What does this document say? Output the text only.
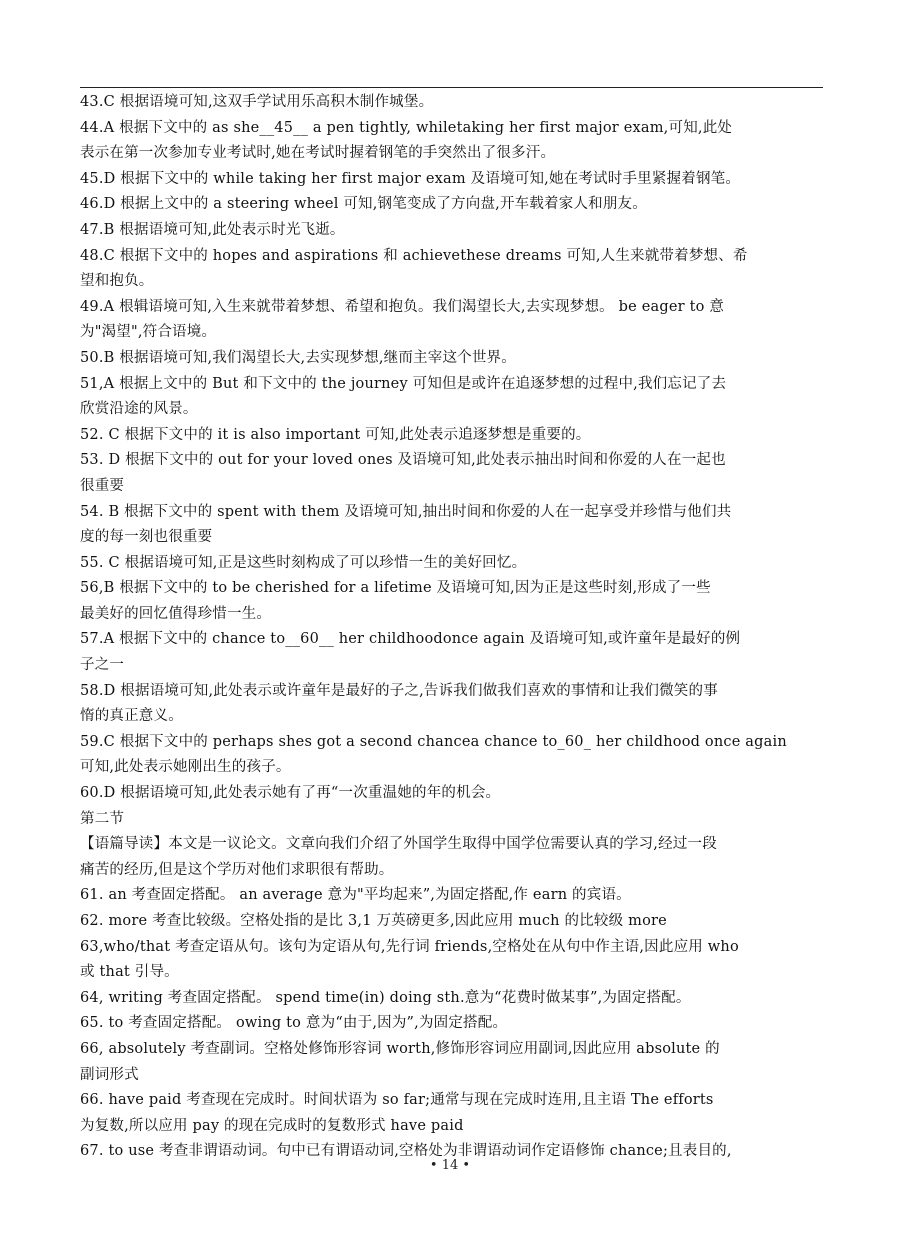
43.C 根据语境可知,这双手学试用乐高积木制作城堡。
44.A 根据下文中的 as she__45__ a pen tightly, whiletaking her first major exam,可知,此处
表示在第一次参加专业考试时,她在考试时握着钢笔的手突然出了很多汗。
45.D 根据下文中的 while taking her first major exam 及语境可知,她在考试时手里紧握着钢笔。
46.D 根据上文中的 a steering wheel 可知,钢笔变成了方向盘,开车载着家人和朋友。
47.B 根据语境可知,此处表示时光飞逝。
48.C 根据下文中的 hopes and aspirations 和 achievethese dreams 可知,人生来就带着梦想、希
望和抱负。
49.A 根辑语境可知,入生来就带着梦想、希望和抱负。我们渴望长大,去实现梦想。 be eager to 意
为"渴望",符合语境。
50.B 根据语境可知,我们渴望长大,去实现梦想,继而主宰这个世界。
51,A 根据上文中的 But 和下文中的 the journey 可知但是或许在追逐梦想的过程中,我们忘记了去
欣赏沿途的风景。
52. C 根据下文中的 it is also important 可知,此处表示追逐梦想是重要的。
53. D 根据下文中的 out for your loved ones 及语境可知,此处表示抽出时间和你爱的人在一起也
很重要
54. B 根据下文中的 spent with them 及语境可知,抽出时间和你爱的人在一起享受并珍惜与他们共
度的每一刻也很重要
55. C 根据语境可知,正是这些时刻构成了可以珍惜一生的美好回忆。
56,B 根据下文中的 to be cherished for a lifetime 及语境可知,因为正是这些时刻,形成了一些
最美好的回忆值得珍惜一生。
57.A 根据下文中的 chance to__60__ her childhoodonce again 及语境可知,或许童年是最好的例
子之一
58.D 根据语境可知,此处表示或许童年是最好的子之,告诉我们做我们喜欢的事情和让我们微笑的事
惰的真正意义。
59.C 根据下文中的 perhaps shes got a second chancea chance to_60_ her childhood once again
可知,此处表示她刚出生的孩子。
60.D 根据语境可知,此处表示她有了再“一次重温她的年的机会。
第二节
【语篇导读】本文是一议论文。文章向我们介绍了外国学生取得中国学位需要认真的学习,经过一段
痛苦的经历,但是这个学历对他们求职很有帮助。
61. an 考查固定搭配。 an average 意为"平均起来”,为固定搭配,作 earn 的宾语。
62. more 考查比较级。空格处指的是比 3,1 万英磅更多,因此应用 much 的比较级 more
63,who/that 考查定语从句。该句为定语从句,先行词 friends,空格处在从句中作主语,因此应用 who
或 that 引导。
64, writing 考查固定搭配。 spend time(in) doing sth.意为“花费时做某事”,为固定搭配。
65. to 考查固定搭配。 owing to 意为“由于,因为”,为固定搭配。
66, absolutely 考查副词。空格处修饰形容词 worth,修饰形容词应用副词,因此应用 absolute 的
副词形式
66. have paid 考查现在完成时。时间状语为 so far;通常与现在完成时连用,且主语 The efforts
为复数,所以应用 pay 的现在完成时的复数形式 have paid
67. to use 考查非谓语动词。句中已有谓语动词,空格处为非谓语动词作定语修饰 chance;且表目的,
• 14 •
